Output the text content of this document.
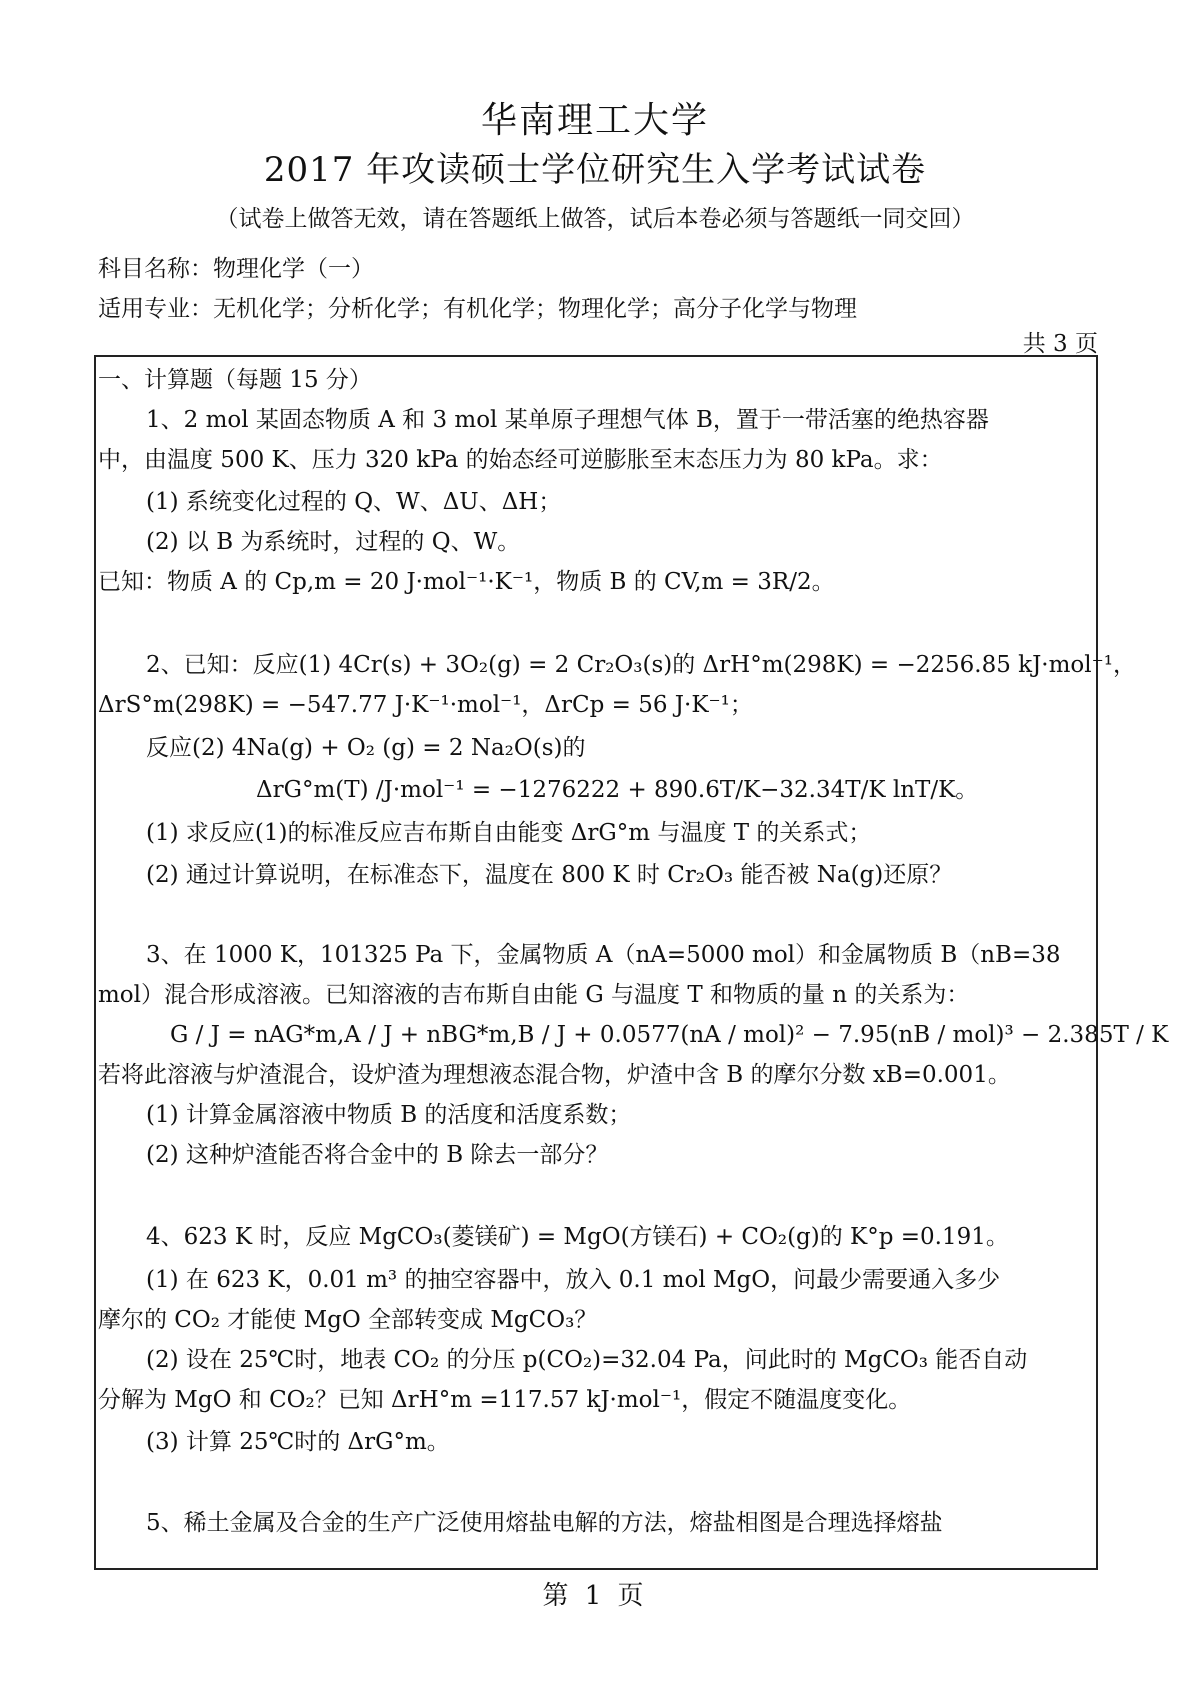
华南理工大学
2017 年攻读硕士学位研究生入学考试试卷
（试卷上做答无效，请在答题纸上做答，试后本卷必须与答题纸一同交回）
科目名称：物理化学（一）
适用专业：无机化学；分析化学；有机化学；物理化学；高分子化学与物理
共 3 页
一、计算题（每题 15 分）
1、2 mol 某固态物质 A 和 3 mol 某单原子理想气体 B，置于一带活塞的绝热容器
中，由温度 500 K、压力 320 kPa 的始态经可逆膨胀至末态压力为 80 kPa。求：
(1) 系统变化过程的 Q、W、ΔU、ΔH；
(2) 以 B 为系统时，过程的 Q、W。
已知：物质 A 的 Cp,m = 20 J·mol⁻¹·K⁻¹，物质 B 的 CV,m = 3R/2。
2、已知：反应(1) 4Cr(s) + 3O₂(g) = 2 Cr₂O₃(s)的 ΔrH°m(298K) = −2256.85 kJ·mol⁻¹，
ΔrS°m(298K) = −547.77 J·K⁻¹·mol⁻¹，ΔrCp = 56 J·K⁻¹；
反应(2) 4Na(g) + O₂ (g) = 2 Na₂O(s)的
ΔrG°m(T) /J·mol⁻¹ = −1276222 + 890.6T/K−32.34T/K lnT/K。
(1) 求反应(1)的标准反应吉布斯自由能变 ΔrG°m 与温度 T 的关系式；
(2) 通过计算说明，在标准态下，温度在 800 K 时 Cr₂O₃ 能否被 Na(g)还原？
3、在 1000 K，101325 Pa 下，金属物质 A（nA=5000 mol）和金属物质 B（nB=38
mol）混合形成溶液。已知溶液的吉布斯自由能 G 与温度 T 和物质的量 n 的关系为：
G / J = nAG*m,A / J + nBG*m,B / J + 0.0577(nA / mol)² − 7.95(nB / mol)³ − 2.385T / K
若将此溶液与炉渣混合，设炉渣为理想液态混合物，炉渣中含 B 的摩尔分数 xB=0.001。
(1) 计算金属溶液中物质 B 的活度和活度系数；
(2) 这种炉渣能否将合金中的 B 除去一部分？
4、623 K 时，反应 MgCO₃(菱镁矿) = MgO(方镁石) + CO₂(g)的 K°p =0.191。
(1) 在 623 K，0.01 m³ 的抽空容器中，放入 0.1 mol MgO，问最少需要通入多少
摩尔的 CO₂ 才能使 MgO 全部转变成 MgCO₃？
(2) 设在 25℃时，地表 CO₂ 的分压 p(CO₂)=32.04 Pa，问此时的 MgCO₃ 能否自动
分解为 MgO 和 CO₂？已知 ΔrH°m =117.57 kJ·mol⁻¹，假定不随温度变化。
(3) 计算 25℃时的 ΔrG°m。
5、稀土金属及合金的生产广泛使用熔盐电解的方法，熔盐相图是合理选择熔盐
第 1 页
